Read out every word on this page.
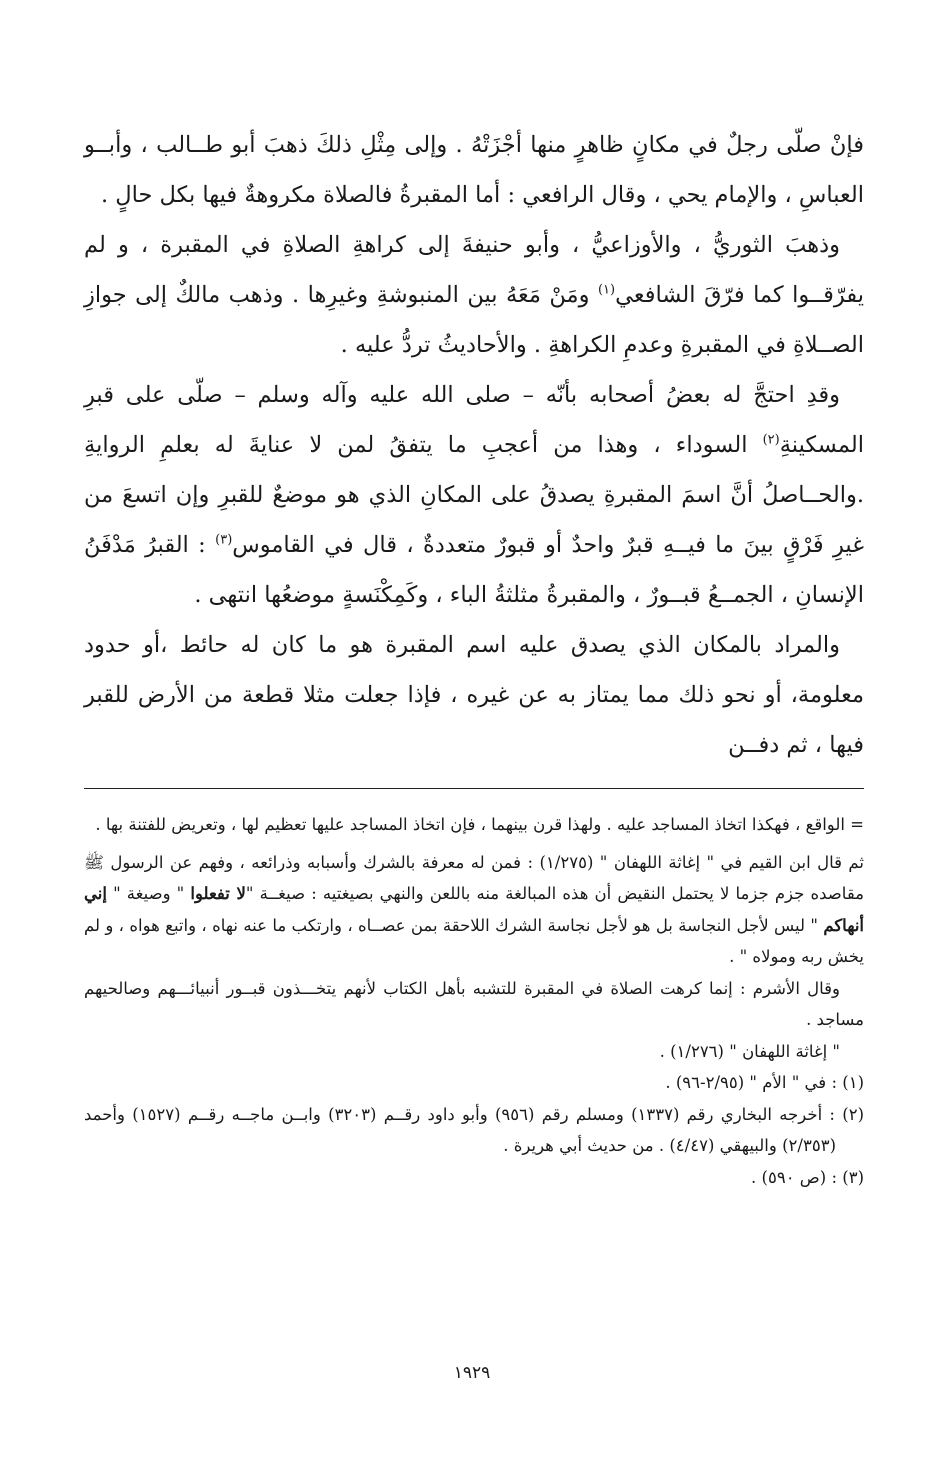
فإنْ صلّى رجلٌ في مكانٍ ظاهرٍ منها أجْزَتْهُ . وإلى مِثْلِ ذلكَ ذهبَ أبو طــالب ، وأبــو العباسِ ، والإمام يحي ، وقال الرافعي : أما المقبرةُ فالصلاة مكروهةٌ فيها بكل حالٍ .

وذهبَ الثوريُّ ، والأوزاعيُّ ، وأبو حنيفةَ إلى كراهةِ الصلاةِ في المقبرة ، و لم يفرّقــوا كما فرّقَ الشافعي$^{(١)}$ ومَنْ مَعَهُ بين المنبوشةِ وغيرِها . وذهب مالكٌ إلى جوازِ الصــلاةِ في المقبرةِ وعدمِ الكراهةِ . والأحاديثُ تردُّ عليه .

وقدِ احتجَّ له بعضُ أصحابه بأنّه – صلى الله عليه وآله وسلم – صلّى على قبرِ المسكينةِ$^{(٢)}$ السوداء ، وهذا من أعجبِ ما يتفقُ لمن لا عنايةَ له بعلمِ الروايةِ .والحــاصلُ أنَّ اسمَ المقبرةِ يصدقُ على المكانِ الذي هو موضعٌ للقبرِ وإن اتسعَ من غيرِ فَرْقٍ بينَ ما فيــهِ قبرٌ واحدٌ أو قبورٌ متعددةٌ ، قال في القاموس$^{(٣)}$ : القبرُ مَدْفَنُ الإنسانِ ، الجمــعُ قبــورٌ ، والمقبرةُ مثلثةُ الباء ، وكَمِكْنَسةٍ موضعُها انتهى .

والمراد بالمكان الذي يصدق عليه اسم المقبرة هو ما كان له حائط ،أو حدود معلومة، أو نحو ذلك مما يمتاز به عن غيره ، فإذا جعلت مثلا قطعة من الأرض للقبر فيها ، ثم دفــن

= الواقع ، فهكذا اتخاذ المساجد عليه . ولهذا قرن بينهما ، فإن اتخاذ المساجد عليها تعظيم لها ، وتعريض للفتنة بها .

ثم قال ابن القيم في " إغاثة اللهفان " (١/٢٧٥) : فمن له معرفة بالشرك وأسبابه وذرائعه ، وفهم عن الرسول ﷺ مقاصده جزم جزما لا يحتمل النقيض أن هذه المبالغة منه باللعن والنهي بصيغتيه : صيغــة "لا تفعلوا " وصيغة " إني أنهاكم " ليس لأجل النجاسة بل هو لأجل نجاسة الشرك اللاحقة بمن عصــاه ، وارتكب ما عنه نهاه ، واتبع هواه ، و لم يخش ربه ومولاه " .

وقال الأشرم : إنما كرهت الصلاة في المقبرة للتشبه بأهل الكتاب لأنهم يتخـــذون قبــور أنبيائـــهم وصالحيهم مساجد .

" إغاثة اللهفان " (١/٢٧٦) .

(١) : في " الأم " (٢/٩٥-٩٦) .

(٢) : أخرجه البخاري رقم (١٣٣٧) ومسلم رقم (٩٥٦) وأبو داود رقــم (٣٢٠٣) وابــن ماجــه رقــم (١٥٢٧) وأحمد (٢/٣٥٣) والبيهقي (٤/٤٧) . من حديث أبي هريرة .

(٣) : (ص ٥٩٠) .

١٩٢٩
